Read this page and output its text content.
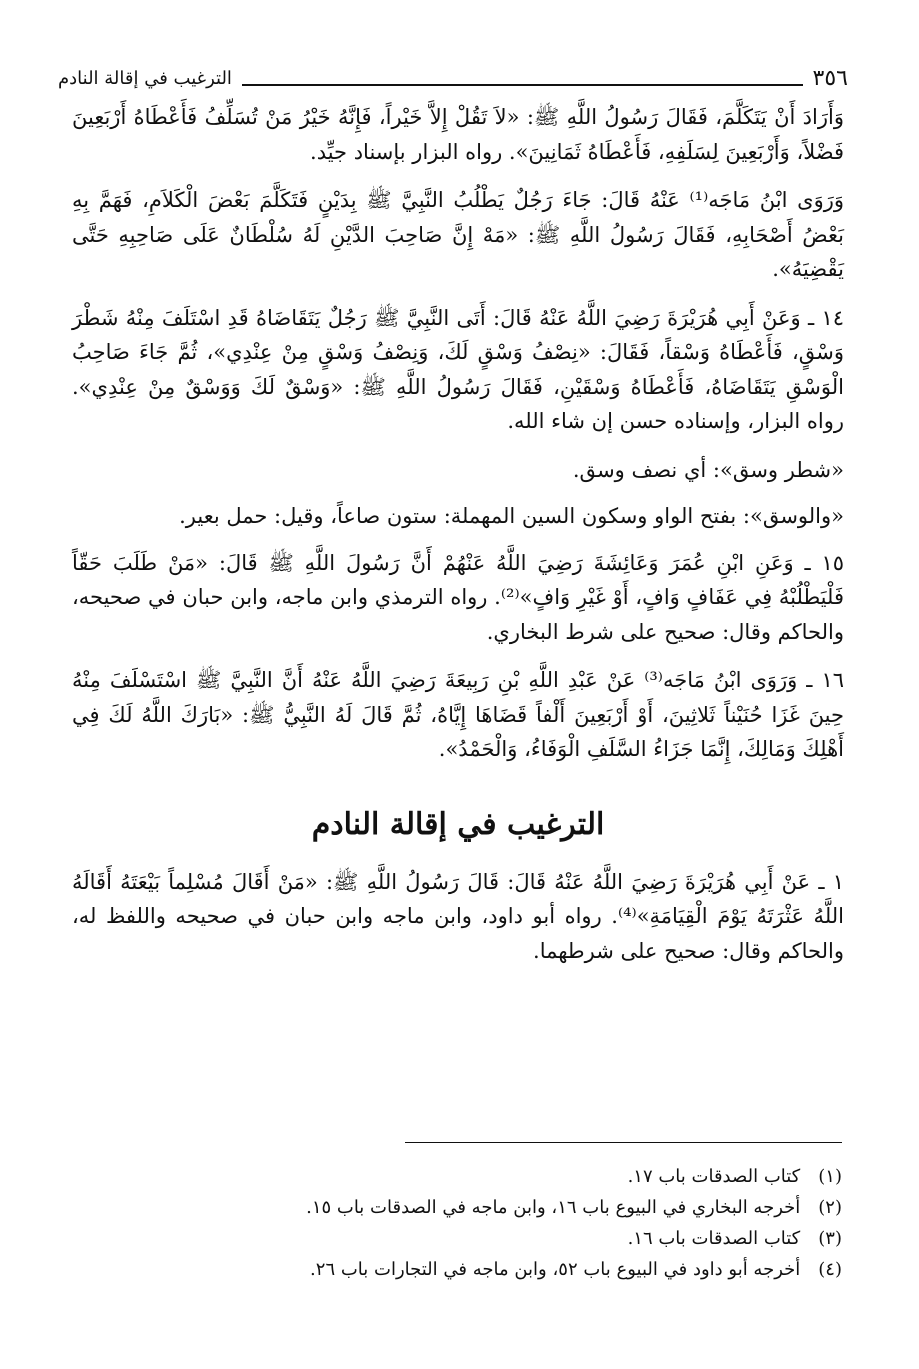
٣٥٦
الترغيب في إقالة النادم

وَأَرَادَ أَنْ يَتَكَلَّمَ، فَقَالَ رَسُولُ اللَّهِ ﷺ: «لاَ تَقُلْ إِلاَّ خَيْراً، فَإِنَّهُ خَيْرُ مَنْ تُسَلِّفُ فَأَعْطَاهُ أَرْبَعِينَ فَضْلاً، وَأَرْبَعِينَ لِسَلَفِهِ، فَأَعْطَاهُ ثَمَانِينَ». رواه البزار بإسناد جيِّد.

وَرَوَى ابْنُ مَاجَه⁽¹⁾ عَنْهُ قَالَ: جَاءَ رَجُلٌ يَطْلُبُ النَّبِيَّ ﷺ بِدَيْنٍ فَتَكَلَّمَ بَعْضَ الْكَلاَمِ، فَهَمَّ بِهِ بَعْضُ أَصْحَابِهِ، فَقَالَ رَسُولُ اللَّهِ ﷺ: «مَهْ إِنَّ صَاحِبَ الدَّيْنِ لَهُ سُلْطَانٌ عَلَى صَاحِبِهِ حَتَّى يَقْضِيَهُ».

١٤ ـ وَعَنْ أَبِي هُرَيْرَةَ رَضِيَ اللَّهُ عَنْهُ قَالَ: أَتَى النَّبِيَّ ﷺ رَجُلٌ يَتَقَاضَاهُ قَدِ اسْتَلَفَ مِنْهُ شَطْرَ وَسْقٍ، فَأَعْطَاهُ وَسْقاً، فَقَالَ: «نِصْفُ وَسْقٍ لَكَ، وَنِصْفُ وَسْقٍ مِنْ عِنْدِي»، ثُمَّ جَاءَ صَاحِبُ الْوَسْقِ يَتَقَاضَاهُ، فَأَعْطَاهُ وَسْقَيْنِ، فَقَالَ رَسُولُ اللَّهِ ﷺ: «وَسْقٌ لَكَ وَوَسْقٌ مِنْ عِنْدِي». رواه البزار، وإسناده حسن إن شاء الله.

«شطر وسق»: أي نصف وسق.

«والوسق»: بفتح الواو وسكون السين المهملة: ستون صاعاً، وقيل: حمل بعير.

١٥ ـ وَعَنِ ابْنِ عُمَرَ وَعَائِشَةَ رَضِيَ اللَّهُ عَنْهُمْ أَنَّ رَسُولَ اللَّهِ ﷺ قَالَ: «مَنْ طَلَبَ حَقّاً فَلْيَطْلُبْهُ فِي عَفَافٍ وَافٍ، أَوْ غَيْرِ وَافٍ»⁽²⁾. رواه الترمذي وابن ماجه، وابن حبان في صحيحه، والحاكم وقال: صحيح على شرط البخاري.

١٦ ـ وَرَوَى ابْنُ مَاجَه⁽³⁾ عَنْ عَبْدِ اللَّهِ بْنِ رَبِيعَةَ رَضِيَ اللَّهُ عَنْهُ أَنَّ النَّبِيَّ ﷺ اسْتَسْلَفَ مِنْهُ حِينَ غَزَا حُنَيْناً ثَلاثِينَ، أَوْ أَرْبَعِينَ أَلْفاً قَضَاهَا إِيَّاهُ، ثُمَّ قَالَ لَهُ النَّبِيُّ ﷺ: «بَارَكَ اللَّهُ لَكَ فِي أَهْلِكَ وَمَالِكَ، إِنَّمَا جَزَاءُ السَّلَفِ الْوَفَاءُ، وَالْحَمْدُ».

الترغيب في إقالة النادم

١ ـ عَنْ أَبِي هُرَيْرَةَ رَضِيَ اللَّهُ عَنْهُ قَالَ: قَالَ رَسُولُ اللَّهِ ﷺ: «مَنْ أَقَالَ مُسْلِماً بَيْعَتَهُ أَقَالَهُ اللَّهُ عَثْرَتَهُ يَوْمَ الْقِيَامَةِ»⁽⁴⁾. رواه أبو داود، وابن ماجه وابن حبان في صحيحه واللفظ له، والحاكم وقال: صحيح على شرطهما.

(١) كتاب الصدقات باب ١٧.
(٢) أخرجه البخاري في البيوع باب ١٦، وابن ماجه في الصدقات باب ١٥.
(٣) كتاب الصدقات باب ١٦.
(٤) أخرجه أبو داود في البيوع باب ٥٢، وابن ماجه في التجارات باب ٢٦.
